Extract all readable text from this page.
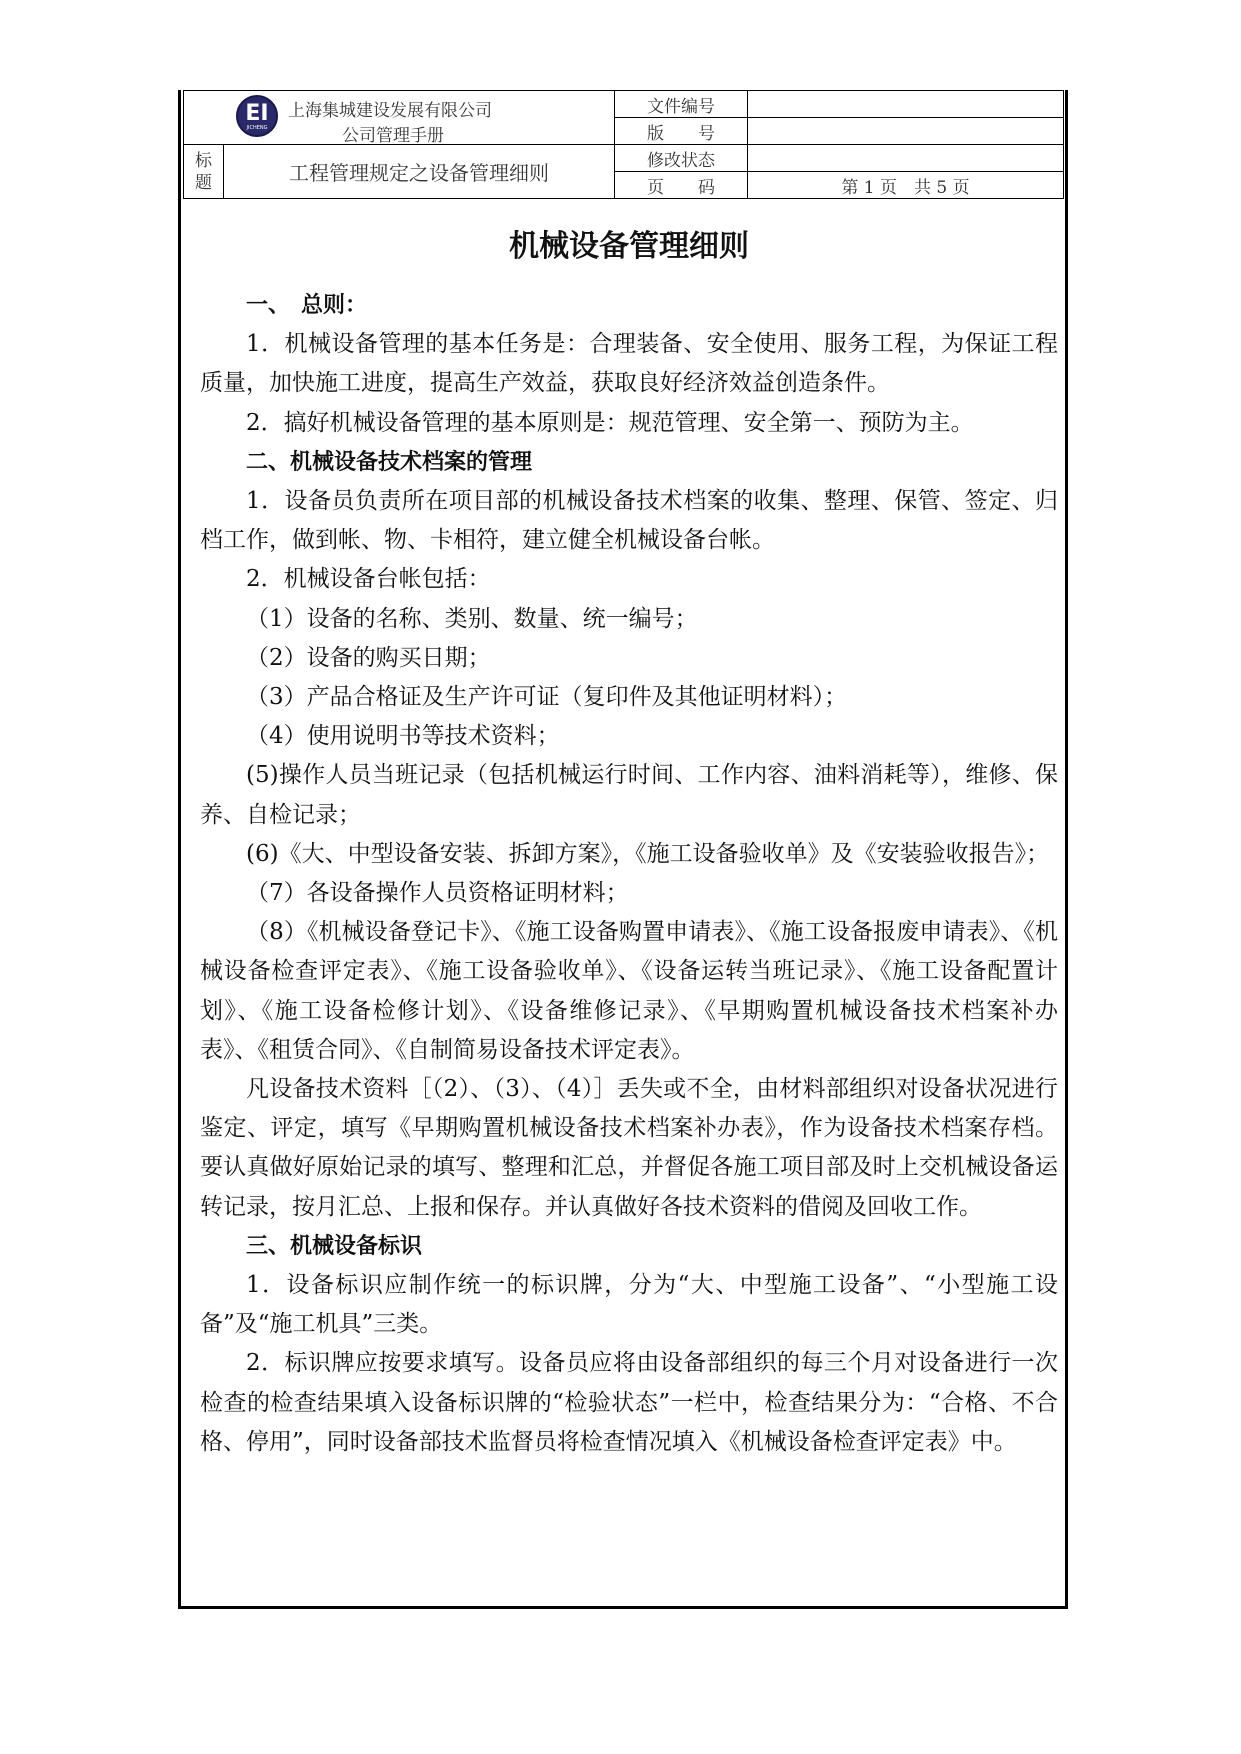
EI
JICHENG
上海集城建设发展有限公司
公司管理手册		文件编号	
		版　　号	
标
题	工程管理规定之设备管理细则	修改状态	
		页　　码	第 1 页　共 5 页
机械设备管理细则

一、　总则：

1．机械设备管理的基本任务是：合理装备、安全使用、服务工程，为保证工程质量，加快施工进度，提高生产效益，获取良好经济效益创造条件。

2．搞好机械设备管理的基本原则是：规范管理、安全第一、预防为主。

二、机械设备技术档案的管理

1．设备员负责所在项目部的机械设备技术档案的收集、整理、保管、签定、归档工作，做到帐、物、卡相符，建立健全机械设备台帐。

2．机械设备台帐包括：

（1）设备的名称、类别、数量、统一编号；

（2）设备的购买日期；

（3）产品合格证及生产许可证（复印件及其他证明材料）；

（4）使用说明书等技术资料；

(5)操作人员当班记录（包括机械运行时间、工作内容、油料消耗等），维修、保养、自检记录；

(6)《大、中型设备安装、拆卸方案》，《施工设备验收单》及《安装验收报告》；

（7）各设备操作人员资格证明材料；

（8）《机械设备登记卡》、《施工设备购置申请表》、《施工设备报废申请表》、《机械设备检查评定表》、《施工设备验收单》、《设备运转当班记录》、《施工设备配置计划》、《施工设备检修计划》、《设备维修记录》、《早期购置机械设备技术档案补办表》、《租赁合同》、《自制简易设备技术评定表》。

凡设备技术资料［（2）、（3）、（4）］丢失或不全，由材料部组织对设备状况进行鉴定、评定，填写《早期购置机械设备技术档案补办表》，作为设备技术档案存档。要认真做好原始记录的填写、整理和汇总，并督促各施工项目部及时上交机械设备运转记录，按月汇总、上报和保存。并认真做好各技术资料的借阅及回收工作。

三、机械设备标识

1．设备标识应制作统一的标识牌，分为“大、中型施工设备”、“小型施工设备”及“施工机具”三类。

2．标识牌应按要求填写。设备员应将由设备部组织的每三个月对设备进行一次检查的检查结果填入设备标识牌的“检验状态”一栏中，检查结果分为：“合格、不合格、停用”，同时设备部技术监督员将检查情况填入《机械设备检查评定表》中。
